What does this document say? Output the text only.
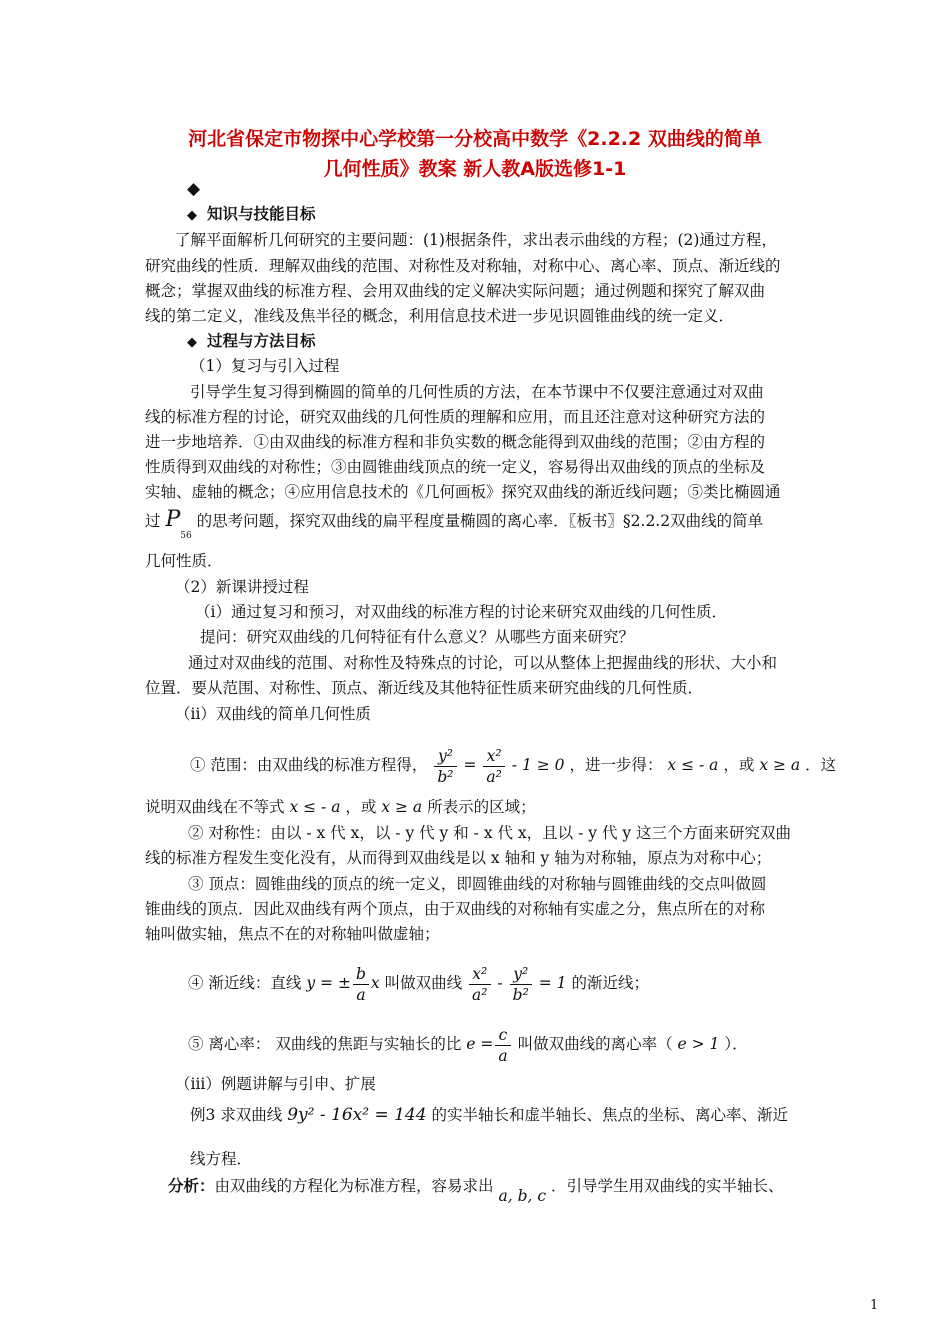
河北省保定市物探中心学校第一分校高中数学《2.2.2 双曲线的简单
几何性质》教案 新人教A版选修1-1
◆
◆ 知识与技能目标
了解平面解析几何研究的主要问题：(1)根据条件，求出表示曲线的方程；(2)通过方程，
研究曲线的性质．理解双曲线的范围、对称性及对称轴，对称中心、离心率、顶点、渐近线的
概念；掌握双曲线的标准方程、会用双曲线的定义解决实际问题；通过例题和探究了解双曲
线的第二定义，准线及焦半径的概念，利用信息技术进一步见识圆锥曲线的统一定义．
◆ 过程与方法目标
（1）复习与引入过程
引导学生复习得到椭圆的简单的几何性质的方法，在本节课中不仅要注意通过对双曲
线的标准方程的讨论，研究双曲线的几何性质的理解和应用，而且还注意对这种研究方法的
进一步地培养．①由双曲线的标准方程和非负实数的概念能得到双曲线的范围；②由方程的
性质得到双曲线的对称性；③由圆锥曲线顶点的统一定义，容易得出双曲线的顶点的坐标及
实轴、虚轴的概念；④应用信息技术的《几何画板》探究双曲线的渐近线问题；⑤类比椭圆通
过 $P_{56}$ 的思考问题，探究双曲线的扁平程度量椭圆的离心率．〖板书〗§2.2.2双曲线的简单
几何性质．
（2）新课讲授过程
（i）通过复习和预习，对双曲线的标准方程的讨论来研究双曲线的几何性质．
提问：研究双曲线的几何特征有什么意义？从哪些方面来研究？
通过对双曲线的范围、对称性及特殊点的讨论，可以从整体上把握曲线的形状、大小和
位置．要从范围、对称性、顶点、渐近线及其他特征性质来研究曲线的几何性质．
（ii）双曲线的简单几何性质
① 范围：由双曲线的标准方程得， $\frac{\text{y²}}{\text{b²}} = \frac{\text{x²}}{\text{a²}} - 1 \ge 0$ ，进一步得： x ≤ - a ，或 x ≥ a ．这
说明双曲线在不等式 x ≤ - a ，或 x ≥ a 所表示的区域；
② 对称性：由以 - x 代 x，以 - y 代 y 和 - x 代 x，且以 - y 代 y 这三个方面来研究双曲
线的标准方程发生变化没有，从而得到双曲线是以 x 轴和 y 轴为对称轴，原点为对称中心；
③ 顶点：圆锥曲线的顶点的统一定义，即圆锥曲线的对称轴与圆锥曲线的交点叫做圆
锥曲线的顶点．因此双曲线有两个顶点，由于双曲线的对称轴有实虚之分，焦点所在的对称
轴叫做实轴，焦点不在的对称轴叫做虚轴；
④ 渐近线：直线 y = ± $\frac{b}{a}$ x 叫做双曲线 $\frac{\text{x²}}{\text{a²}} - \frac{\text{y²}}{\text{b²}} = 1$ 的渐近线；
⑤ 离心率： 双曲线的焦距与实轴长的比 $e = \frac{c}{a}$ 叫做双曲线的离心率（ e > 1 ）．
（iii）例题讲解与引申、扩展
例3 求双曲线 9y² - 16x² = 144 的实半轴长和虚半轴长、焦点的坐标、离心率、渐近
线方程．
分析：由双曲线的方程化为标准方程，容易求出 a, b, c ．引导学生用双曲线的实半轴长、
1
